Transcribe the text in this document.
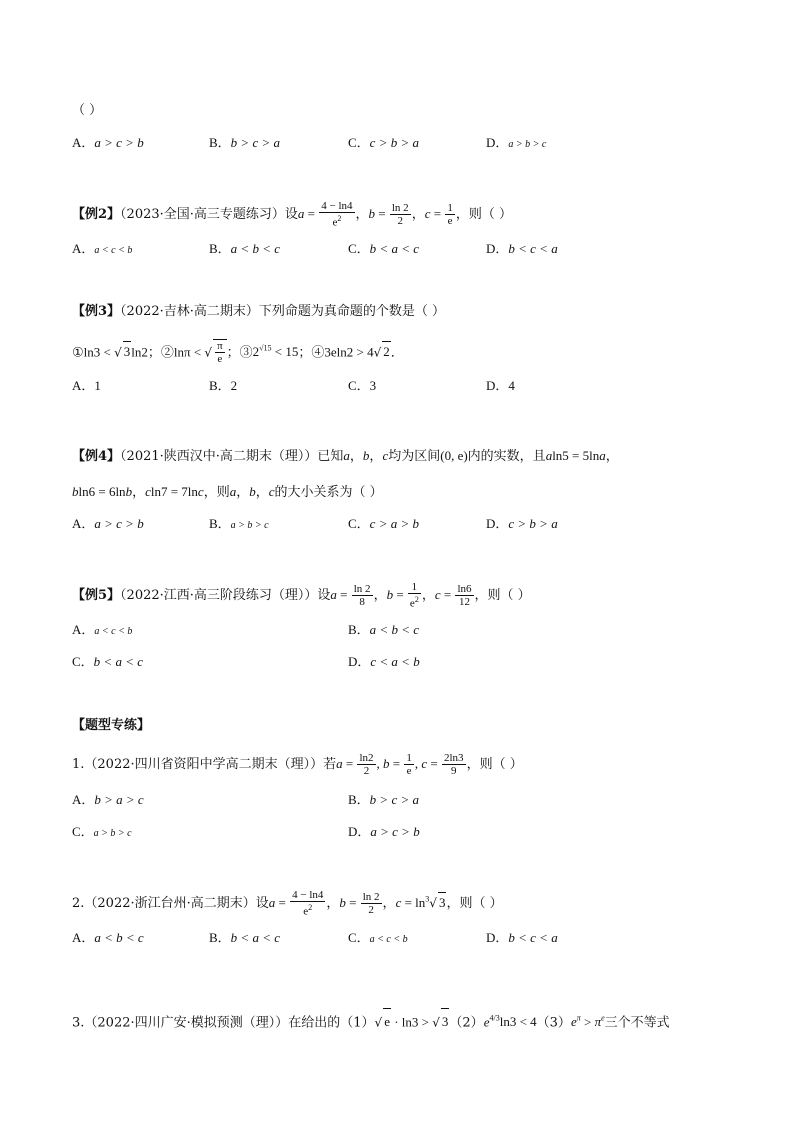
（ ）
A．a > c > b	B．b > c > a	C．c > b > a	D．a > b > c
【例2】（2023·全国·高三专题练习）设$a = \frac{4 - \ln 4}{e^2}$ ，$b = \frac{\ln 2}{2}$ ，$c = \frac{1}{e}$ ，则（ ）
A．a < c < b	B．a < b < c	C．b < a < c	D．b < c < a
【例3】（2022·吉林·高二期末）下列命题为真命题的个数是（ ）
①ln3 < √ 3ln2；②lnπ < √ $\frac{\pi}{e}$ ；$③2^{√15} < 15$；④3eln2 > 4√ 2．
A．1	B．2	C．3	D．4
【例4】（2021·陕西汉中·高二期末（理））已知a，b，c均为区间(0, e)内的实数，且aln5 = 5lna，
bln6 = 6lnb，cln7 = 7lnc，则a，b，c的大小关系为（ ）
A．a > c > b	B．a > b > c	C．c > a > b	D．c > b > a
【例5】（2022·江西·高三阶段练习（理））设$a = \frac{\ln 2}{8}$ ，$b = \frac{1}{e^2}$ ，$c = \frac{\ln 6}{12}$ ，则（ ）
A．a < c < b	B．a < b < c
C．b < a < c	D．c < a < b
【题型专练】
1.（2022·四川省资阳中学高二期末（理））若$a = \frac{\ln 2}{2}$ , $b = \frac{1}{e}$ , $c = \frac{2\ln 3}{9}$ ，则（ ）
A．b > a > c	B．b > c > a
C．a > b > c	D．a > c > b
2.（2022·浙江台州·高二期末）设$a = \frac{4 - \ln 4}{e^2}$ ，$b = \frac{\ln 2}{2}$ ，$c = \ln^3√$ 3，则（ ）
A．a < b < c	B．b < a < c	C．a < c < b	D．b < c < a
3.（2022·四川广安·模拟预测（理））在给出的（1）√ e · ln3 > √ $3(2)e^{4/3}\ln 3 < 4(3)e^\pi > \pi^e$三个不等式
